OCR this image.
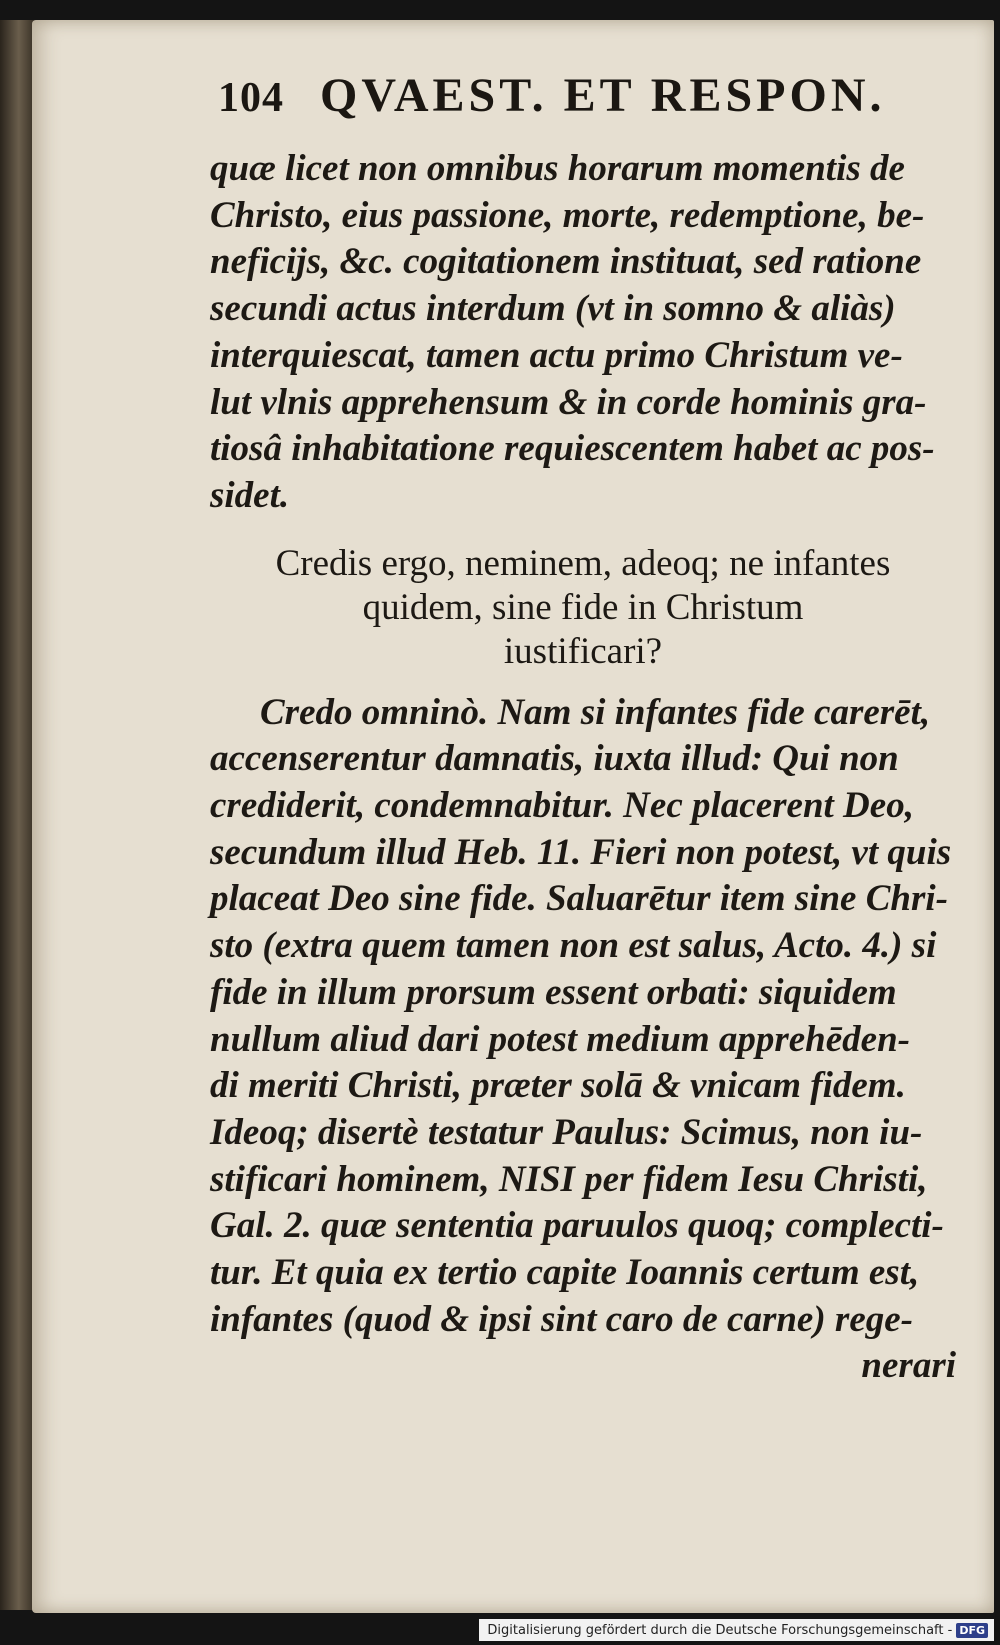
104 QVAEST. ET RESPON.

quæ licet non omnibus horarum momentis de
Christo, eius passione, morte, redemptione, be-
neficijs, &c. cogitationem instituat, sed ratione
secundi actus interdum (vt in somno & aliàs)
interquiescat, tamen actu primo Christum ve-
lut vlnis apprehensum & in corde hominis gra-
tiosâ inhabitatione requiescentem habet ac pos-
sidet.

Credis ergo, neminem, adeoq; ne infantes
quidem, sine fide in Christum
iustificari?

Credo omninò. Nam si infantes fide carerēt,
accenserentur damnatis, iuxta illud: Qui non
crediderit, condemnabitur. Nec placerent Deo,
secundum illud Heb. 11. Fieri non potest, vt quis
placeat Deo sine fide. Saluarētur item sine Chri-
sto (extra quem tamen non est salus, Acto. 4.) si
fide in illum prorsum essent orbati: siquidem
nullum aliud dari potest medium apprehēden-
di meriti Christi, præter solā & vnicam fidem.
Ideoq; disertè testatur Paulus: Scimus, non iu-
stificari hominem, NISI per fidem Iesu Christi,
Gal. 2. quæ sententia paruulos quoq; complecti-
tur. Et quia ex tertio capite Ioannis certum est,
infantes (quod & ipsi sint caro de carne) rege-
nerari

Digitalisierung gefördert durch die Deutsche Forschungsgemeinschaft - DFG
